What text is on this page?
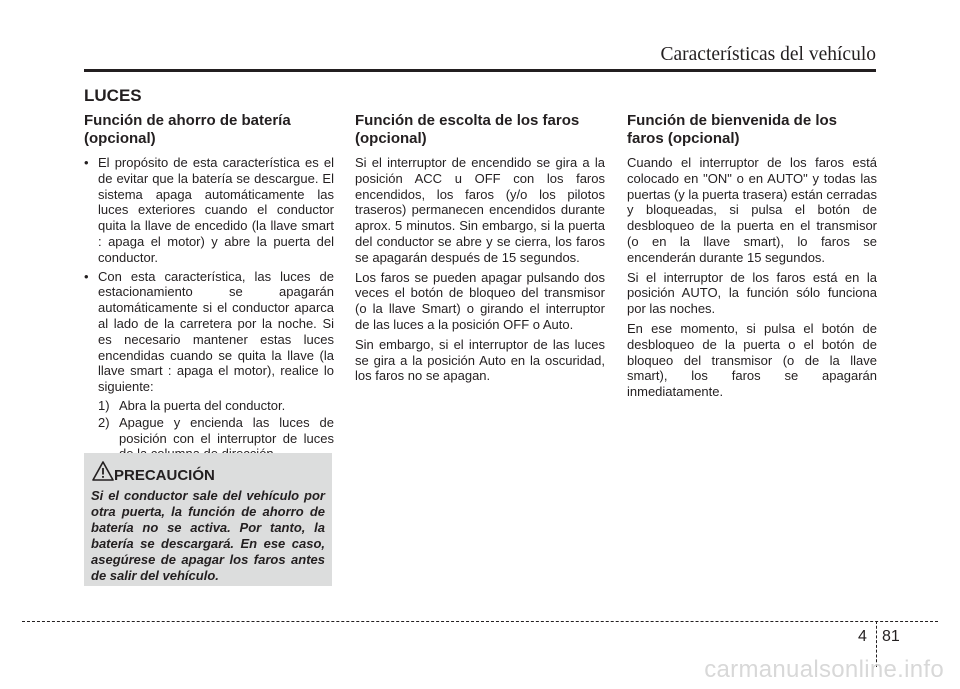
Características del vehículo
LUCES
Función de ahorro de batería (opcional)

• El propósito de esta característica es el de evitar que la batería se descargue. El sistema apaga automáticamente las luces exteriores cuando el conductor quita la llave de encedido (la llave smart : apaga el motor) y abre la puerta del conductor.

• Con esta característica, las luces de estacionamiento se apagarán automáticamente si el conductor aparca al lado de la carretera por la noche. Si es necesario mantener estas luces encendidas cuando se quita la llave (la llave smart : apaga el motor), realice lo siguiente:

1) Abra la puerta del conductor.
2) Apague y encienda las luces de posición con el interruptor de luces
PRECAUCIÓN

Si el conductor sale del vehículo por otra puerta, la función de ahorro de batería no se activa. Por tanto, la batería se descargará. En ese caso, asegúrese de apagar los faros antes de salir del vehículo.

Función de escolta de los faros (opcional)

Si el interruptor de encendido se gira a la posición ACC u OFF con los faros encendidos, los faros (y/o los pilotos traseros) permanecen encendidos durante aprox. 5 minutos. Sin embargo, si la puerta del conductor se abre y se cierra, los faros se apagarán después de 15 segundos.

Los faros se pueden apagar pulsando dos veces el botón de bloqueo del transmisor (o la llave Smart) o girando el interruptor de las luces a la posición OFF o Auto.

Sin embargo, si el interruptor de las luces se gira a la posición Auto en la oscuridad, los faros no se apagan.

Función de bienvenida de los faros (opcional)

Cuando el interruptor de los faros está colocado en "ON" o en AUTO" y todas las puertas (y la puerta trasera) están cerradas y bloqueadas, si pulsa el botón de desbloqueo de la puerta en el transmisor (o en la llave smart), lo faros se encenderán durante 15 segundos.

Si el interruptor de los faros está en la posición AUTO, la función sólo funciona por las noches.

En ese momento, si pulsa el botón de desbloqueo de la puerta o el botón de bloqueo del transmisor (o de la llave smart), los faros se apagarán inmediatamente.

4 81
carmanualsonline.info
